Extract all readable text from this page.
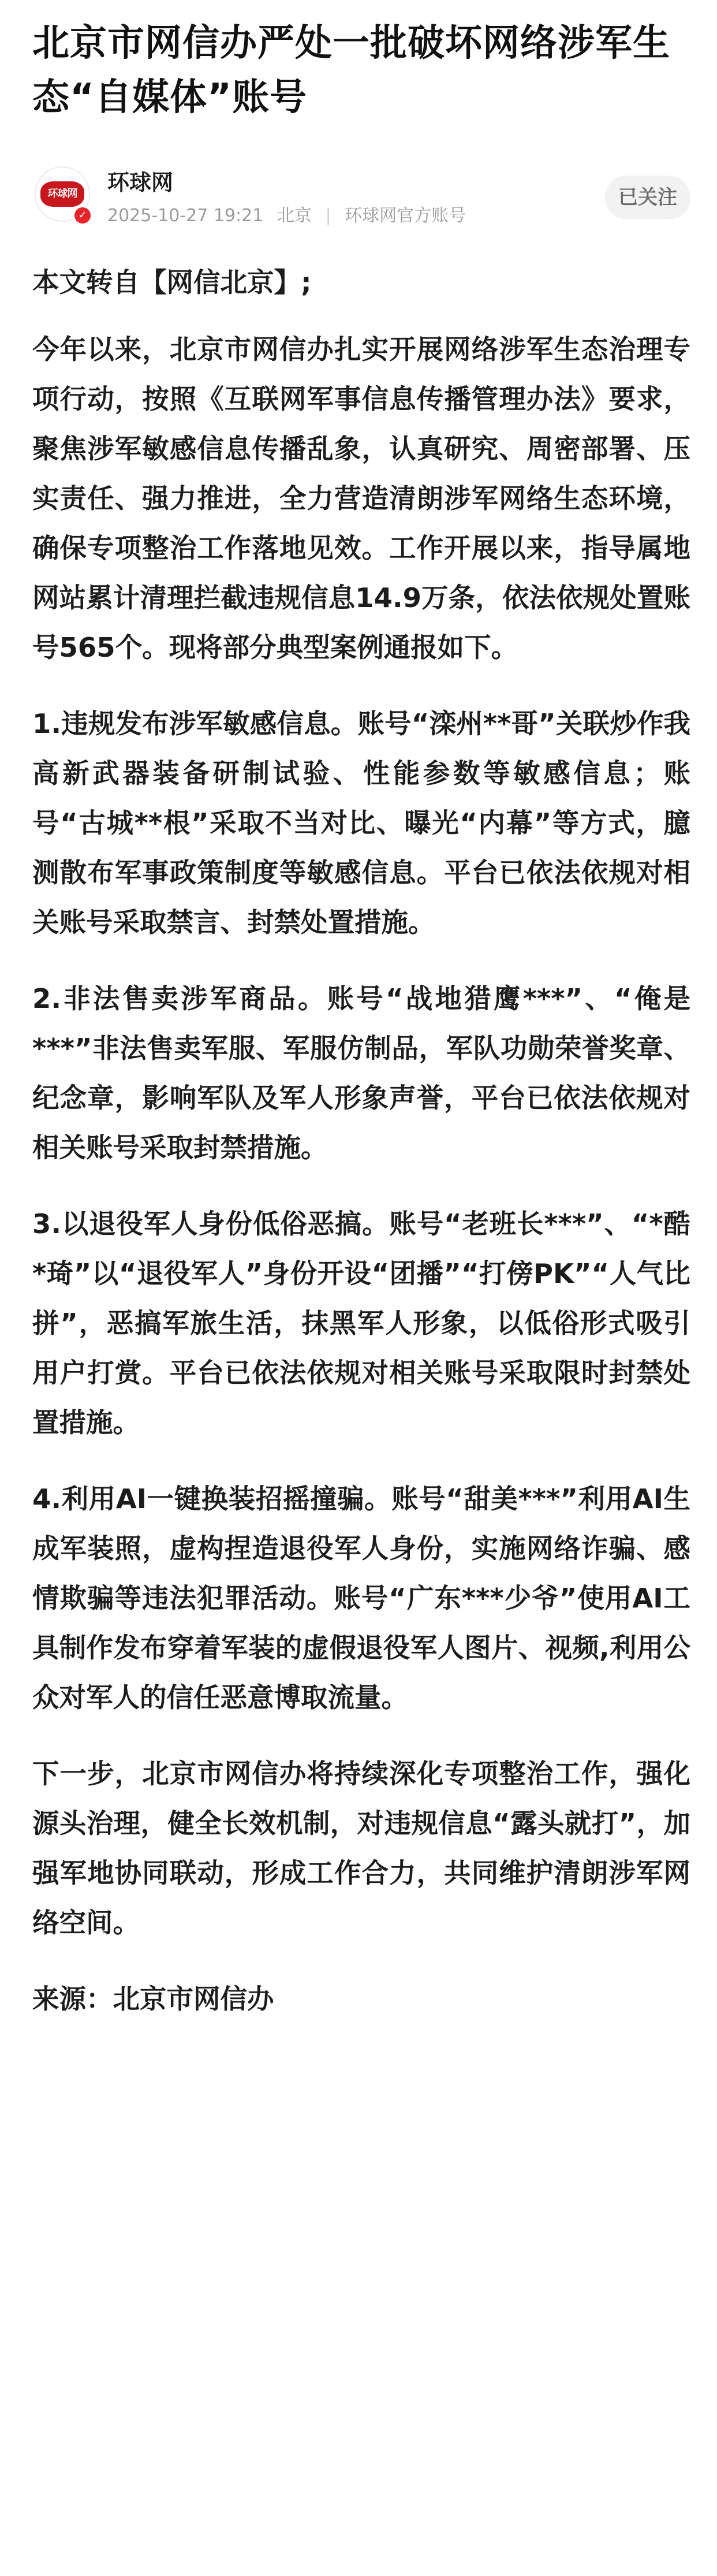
北京市网信办严处一批破坏网络涉军生态“自媒体”账号
环球网
✓
环球网
2025-10-27 19:21 北京 | 环球网官方账号
已关注

本文转自【网信北京】;

今年以来，北京市网信办扎实开展网络涉军生态治理专项行动，按照《互联网军事信息传播管理办法》要求，聚焦涉军敏感信息传播乱象，认真研究、周密部署、压实责任、强力推进，全力营造清朗涉军网络生态环境，确保专项整治工作落地见效。工作开展以来，指导属地网站累计清理拦截违规信息14.9万条，依法依规处置账号565个。现将部分典型案例通报如下。

1.违规发布涉军敏感信息。账号“滦州**哥”关联炒作我高新武器装备研制试验、性能参数等敏感信息；账号“古城**根”采取不当对比、曝光“内幕”等方式，臆测散布军事政策制度等敏感信息。平台已依法依规对相关账号采取禁言、封禁处置措施。

2.非法售卖涉军商品。账号“战地猎鹰***”、“俺是***”非法售卖军服、军服仿制品，军队功勋荣誉奖章、纪念章，影响军队及军人形象声誉，平台已依法依规对相关账号采取封禁措施。

3.以退役军人身份低俗恶搞。账号“老班长***”、“*酷*琦”以“退役军人”身份开设“团播”“打傍PK”“人气比拼”，恶搞军旅生活，抹黑军人形象，以低俗形式吸引用户打赏。平台已依法依规对相关账号采取限时封禁处置措施。

4.利用AI一键换装招摇撞骗。账号“甜美***”利用AI生成军装照，虚构捏造退役军人身份，实施网络诈骗、感情欺骗等违法犯罪活动。账号“广东***少爷”使用AI工具制作发布穿着军装的虚假退役军人图片、视频,利用公众对军人的信任恶意博取流量。

下一步，北京市网信办将持续深化专项整治工作，强化源头治理，健全长效机制，对违规信息“露头就打”，加强军地协同联动，形成工作合力，共同维护清朗涉军网络空间。

来源：北京市网信办
